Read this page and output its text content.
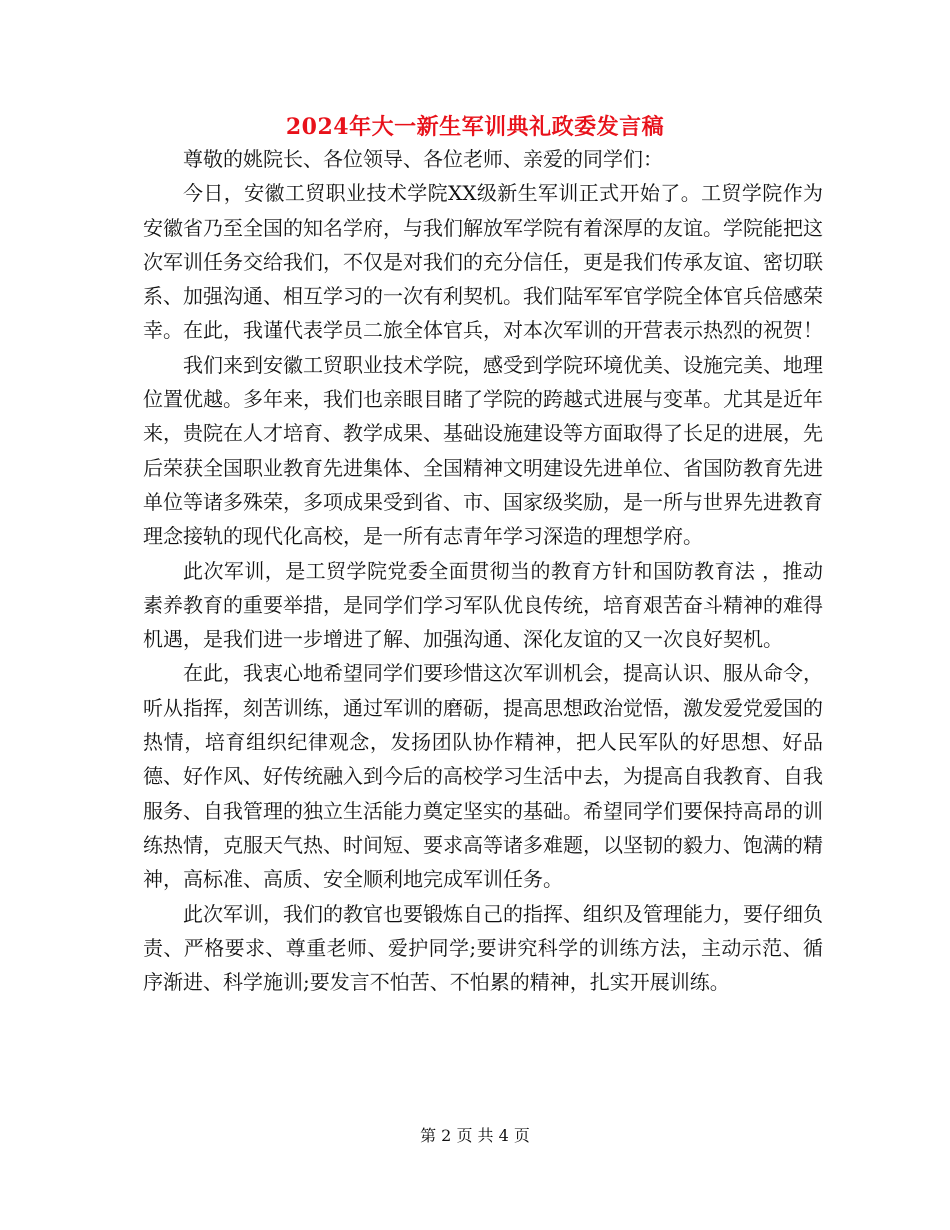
2024年大一新生军训典礼政委发言稿

尊敬的姚院长、各位领导、各位老师、亲爱的同学们：

今日，安徽工贸职业技术学院XX级新生军训正式开始了。工贸学院作为安徽省乃至全国的知名学府，与我们解放军学院有着深厚的友谊。学院能把这次军训任务交给我们，不仅是对我们的充分信任，更是我们传承友谊、密切联系、加强沟通、相互学习的一次有利契机。我们陆军军官学院全体官兵倍感荣幸。在此，我谨代表学员二旅全体官兵，对本次军训的开营表示热烈的祝贺！

我们来到安徽工贸职业技术学院，感受到学院环境优美、设施完美、地理位置优越。多年来，我们也亲眼目睹了学院的跨越式进展与变革。尤其是近年来，贵院在人才培育、教学成果、基础设施建设等方面取得了长足的进展，先后荣获全国职业教育先进集体、全国精神文明建设先进单位、省国防教育先进单位等诸多殊荣，多项成果受到省、市、国家级奖励，是一所与世界先进教育理念接轨的现代化高校，是一所有志青年学习深造的理想学府。

此次军训，是工贸学院党委全面贯彻当的教育方针和国防教育法 ，推动素养教育的重要举措，是同学们学习军队优良传统，培育艰苦奋斗精神的难得机遇，是我们进一步增进了解、加强沟通、深化友谊的又一次良好契机。

在此，我衷心地希望同学们要珍惜这次军训机会，提高认识、服从命令，听从指挥，刻苦训练，通过军训的磨砺，提高思想政治觉悟，激发爱党爱国的热情，培育组织纪律观念，发扬团队协作精神，把人民军队的好思想、好品德、好作风、好传统融入到今后的高校学习生活中去，为提高自我教育、自我服务、自我管理的独立生活能力奠定坚实的基础。希望同学们要保持高昂的训练热情，克服天气热、时间短、要求高等诸多难题，以坚韧的毅力、饱满的精神，高标准、高质、安全顺利地完成军训任务。

此次军训，我们的教官也要锻炼自己的指挥、组织及管理能力，要仔细负责、严格要求、尊重老师、爱护同学;要讲究科学的训练方法，主动示范、循序渐进、科学施训;要发言不怕苦、不怕累的精神，扎实开展训练。

第 2 页 共 4 页
